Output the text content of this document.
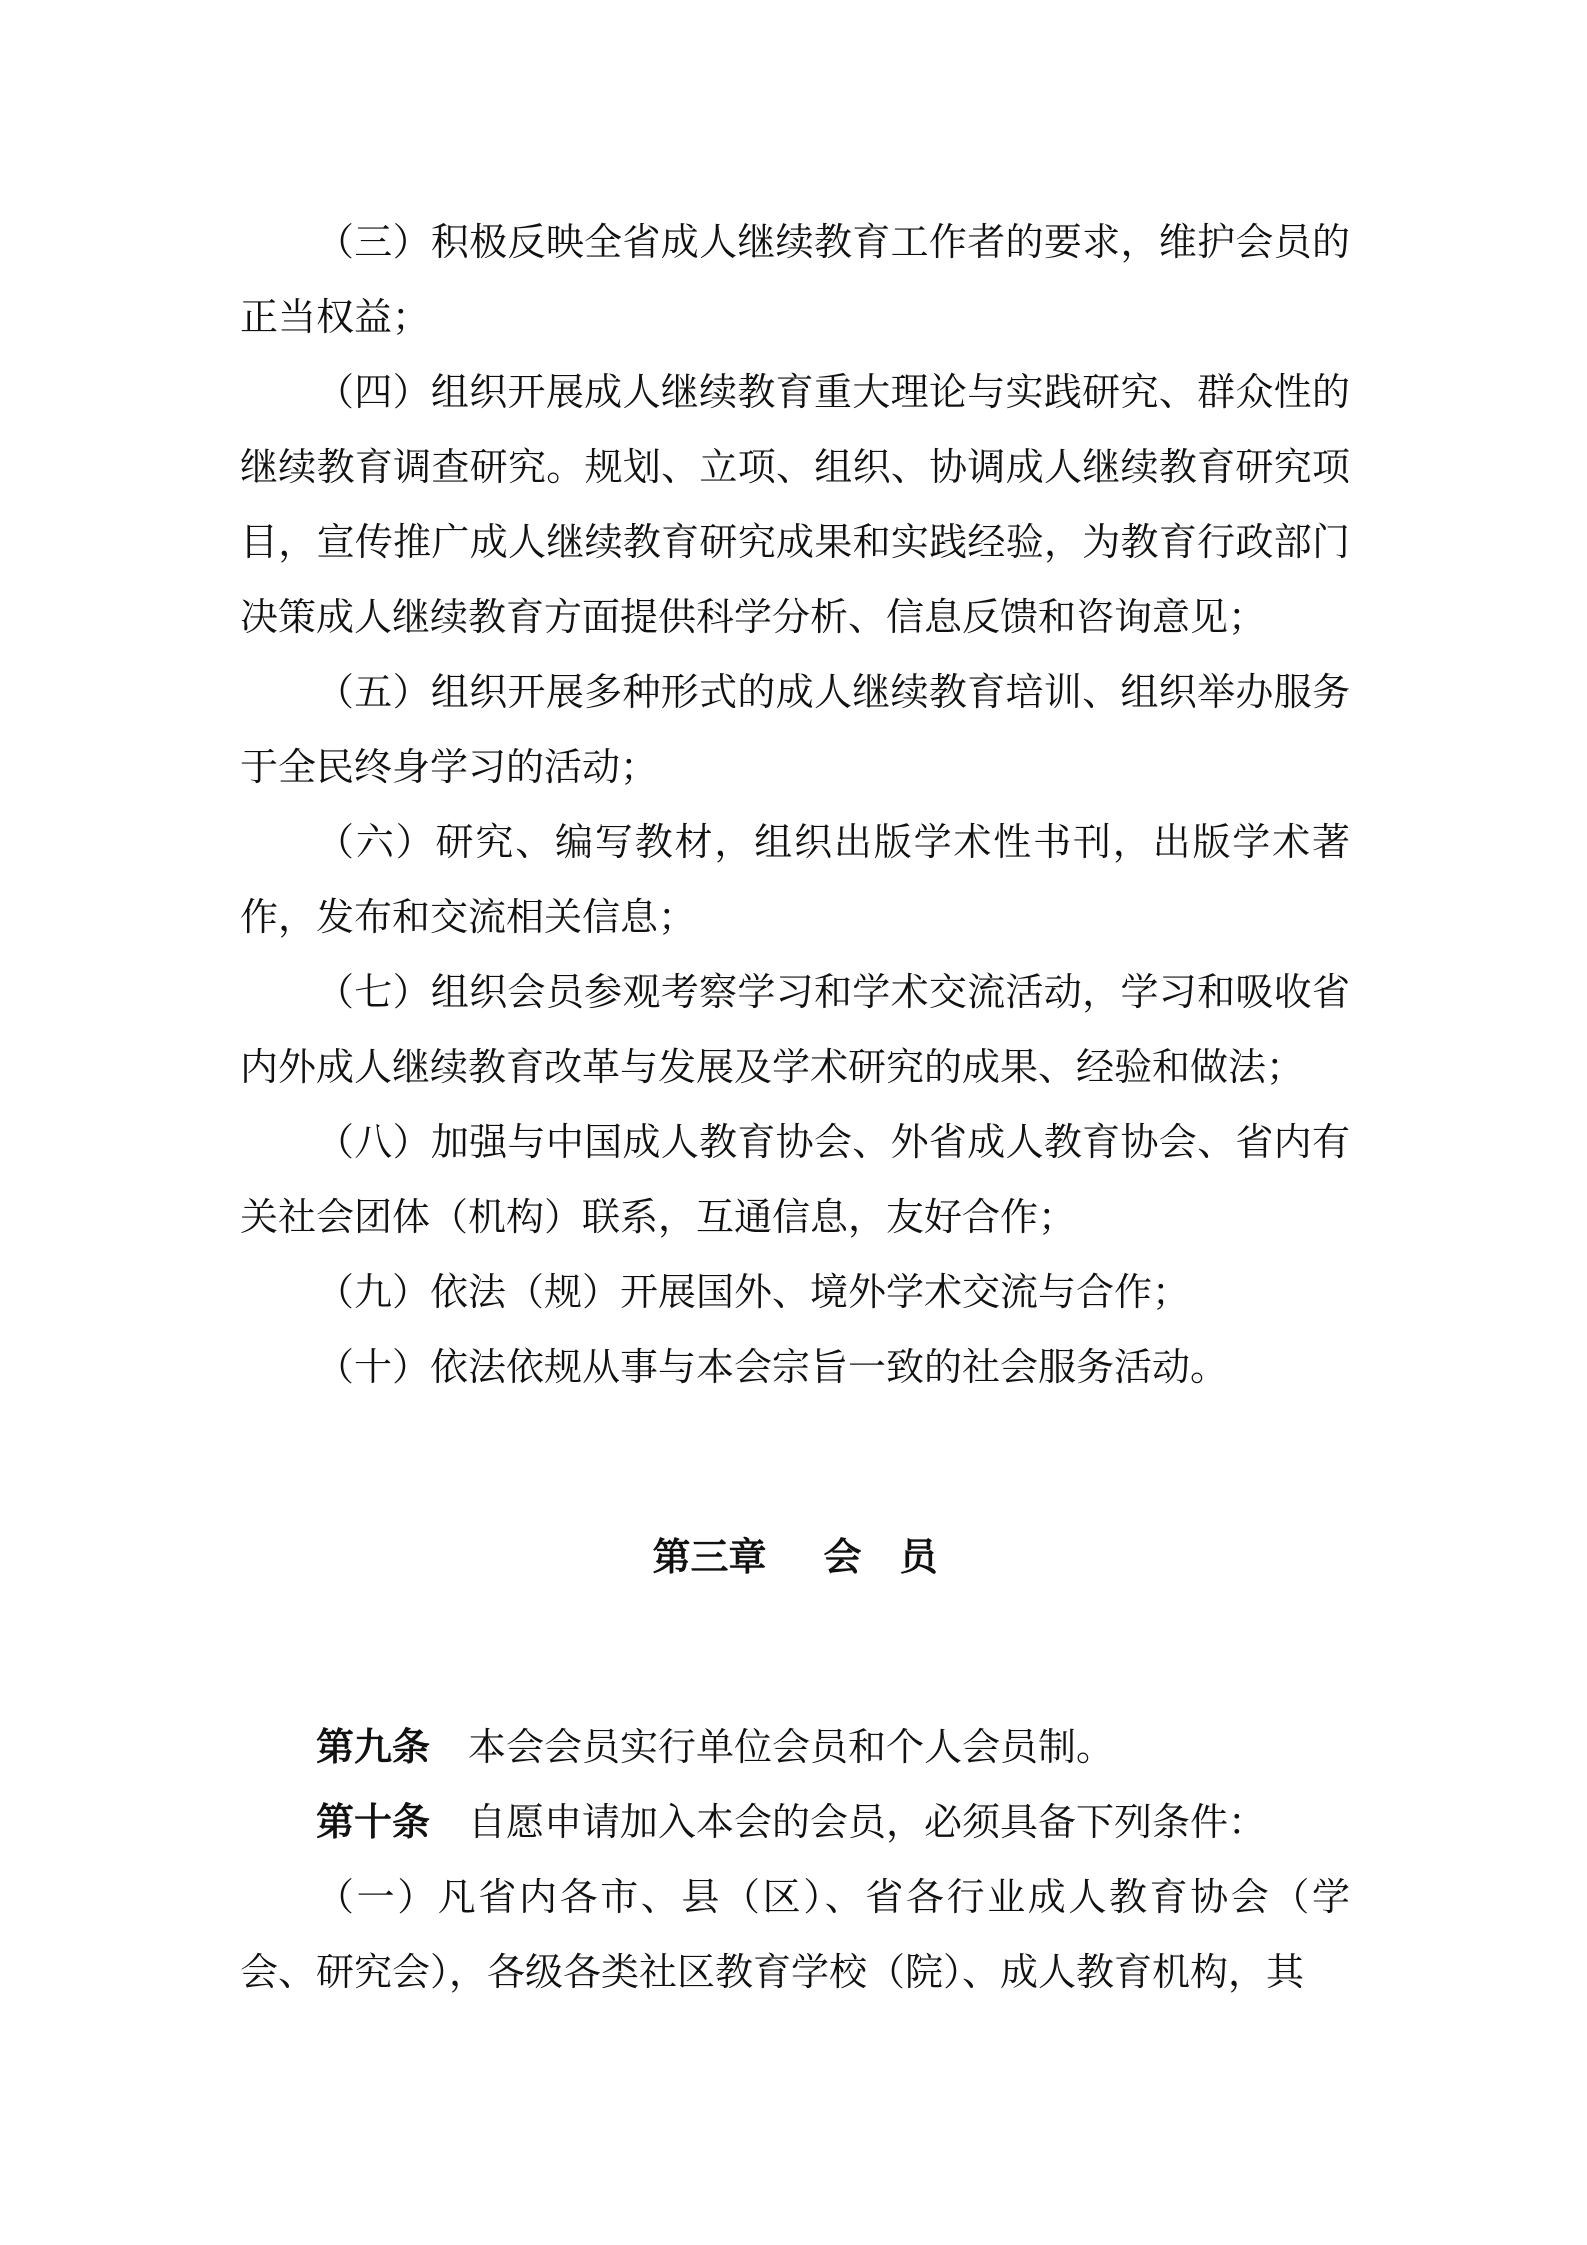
（三）积极反映全省成人继续教育工作者的要求，维护会员的正当权益；

（四）组织开展成人继续教育重大理论与实践研究、群众性的继续教育调查研究。规划、立项、组织、协调成人继续教育研究项目，宣传推广成人继续教育研究成果和实践经验，为教育行政部门决策成人继续教育方面提供科学分析、信息反馈和咨询意见；

（五）组织开展多种形式的成人继续教育培训、组织举办服务于全民终身学习的活动；

（六）研究、编写教材，组织出版学术性书刊，出版学术著作，发布和交流相关信息；

（七）组织会员参观考察学习和学术交流活动，学习和吸收省内外成人继续教育改革与发展及学术研究的成果、经验和做法；

（八）加强与中国成人教育协会、外省成人教育协会、省内有关社会团体（机构）联系，互通信息，友好合作；

（九）依法（规）开展国外、境外学术交流与合作；

（十）依法依规从事与本会宗旨一致的社会服务活动。

第三章 会　员

第九条 本会会员实行单位会员和个人会员制。

第十条 自愿申请加入本会的会员，必须具备下列条件：

（一）凡省内各市、县（区）、省各行业成人教育协会（学会、研究会），各级各类社区教育学校（院）、成人教育机构，其
